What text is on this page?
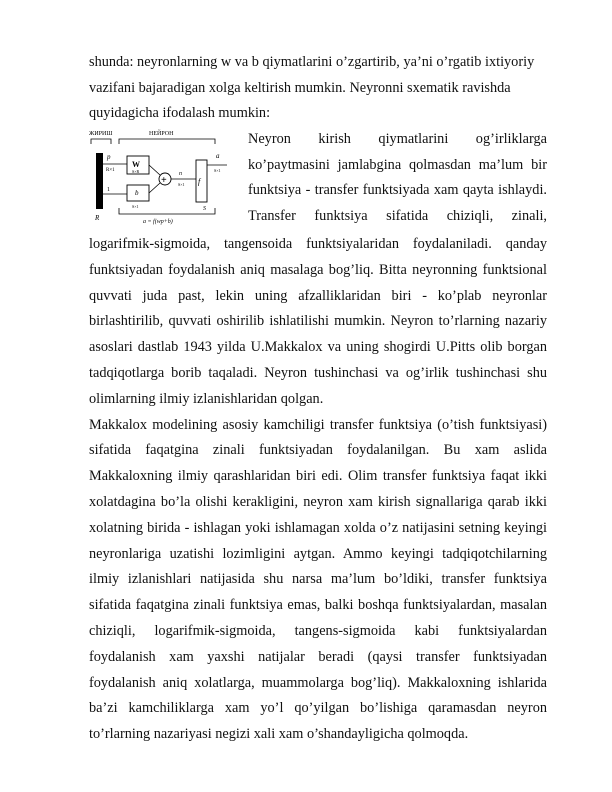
shunda: neyronlarning w va b qiymatlarini o’zgartirib, ya’ni o’rgatib ixtiyoriy
vazifani bajaradigan xolga keltirish mumkin. Neyronni sxematik ravishda
quyidagicha ifodalash mumkin:
ЖИРИШ	НЕЙРОН
p
R×1
1
R
W
S×R
b
S×1
+
n
S×1 f
a
S×1
S
a = f(wp+b)

Neyron kirish qiymatlarini og’irliklarga

ko’paytmasini jamlabgina qolmasdan ma’lum bir

funktsiya - transfer funktsiyada xam qayta ishlaydi.

Transfer funktsiya sifatida chiziqli, zinali,

logarifmik-sigmoida, tangensoida funktsiyalaridan foydalaniladi. qanday funktsiyadan foydalanish aniq masalaga bog’liq. Bitta neyronning funktsional quvvati juda past, lekin uning afzalliklaridan biri - ko’plab neyronlar birlashtirilib, quvvati oshirilib ishlatilishi mumkin. Neyron to’rlarning nazariy asoslari dastlab 1943 yilda U.Makkalox va uning shogirdi U.Pitts olib borgan tadqiqotlarga borib taqaladi. Neyron tushinchasi va og’irlik tushinchasi shu olimlarning ilmiy izlanishlaridan qolgan.

Makkalox modelining asosiy kamchiligi transfer funktsiya (o’tish funktsiyasi) sifatida faqatgina zinali funktsiyadan foydalanilgan. Bu xam aslida Makkaloxning ilmiy qarashlaridan biri edi. Olim transfer funktsiya faqat ikki xolatdagina bo’la olishi kerakligini, neyron xam kirish signallariga qarab ikki xolatning birida - ishlagan yoki ishlamagan xolda o’z natijasini setning keyingi neyronlariga uzatishi lozimligini aytgan. Ammo keyingi tadqiqotchilarning ilmiy izlanishlari natijasida shu narsa ma’lum bo’ldiki, transfer funktsiya sifatida faqatgina zinali funktsiya emas, balki boshqa funktsiyalardan, masalan chiziqli, logarifmik-sigmoida, tangens-sigmoida kabi funktsiyalardan foydalanish xam yaxshi natijalar beradi (qaysi transfer funktsiyadan foydalanish aniq xolatlarga, muammolarga bog’liq). Makkaloxning ishlarida ba’zi kamchiliklarga xam yo’l qo’yilgan bo’lishiga qaramasdan neyron to’rlarning nazariyasi negizi xali xam o’shandayligicha qolmoqda.
